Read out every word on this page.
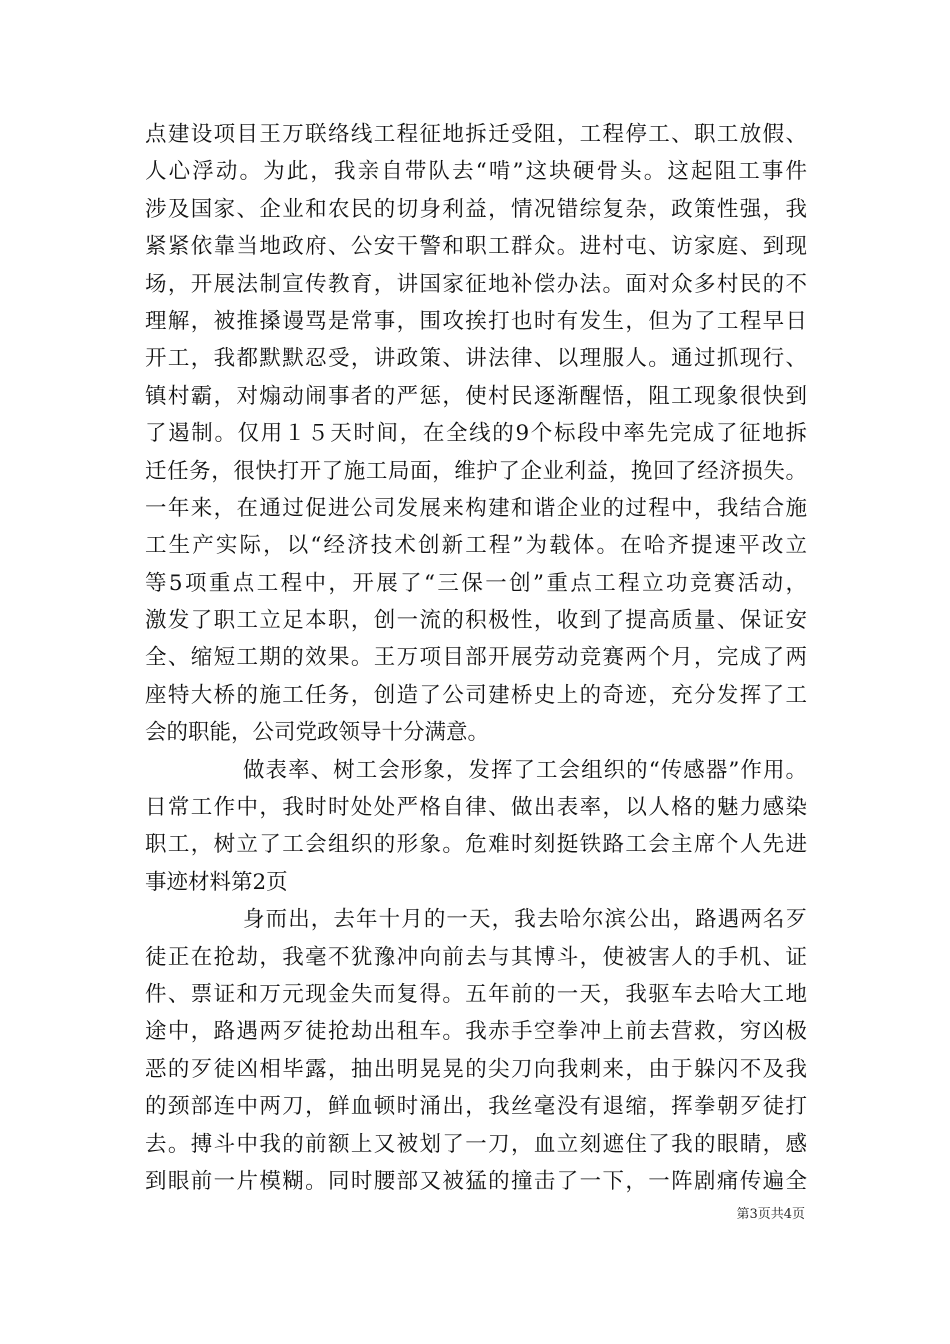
点建设项目王万联络线工程征地拆迁受阻，工程停工、职工放假、
人心浮动。为此，我亲自带队去“啃”这块硬骨头。这起阻工事件
涉及国家、企业和农民的切身利益，情况错综复杂，政策性强，我
紧紧依靠当地政府、公安干警和职工群众。进村屯、访家庭、到现
场，开展法制宣传教育，讲国家征地补偿办法。面对众多村民的不
理解，被推搡谩骂是常事，围攻挨打也时有发生，但为了工程早日
开工，我都默默忍受，讲政策、讲法律、以理服人。通过抓现行、
镇村霸，对煽动闹事者的严惩，使村民逐渐醒悟，阻工现象很快到
了遏制。仅用１５天时间，在全线的9个标段中率先完成了征地拆
迁任务，很快打开了施工局面，维护了企业利益，挽回了经济损失。
一年来，在通过促进公司发展来构建和谐企业的过程中，我结合施
工生产实际，以“经济技术创新工程”为载体。在哈齐提速平改立
等5项重点工程中，开展了“三保一创”重点工程立功竞赛活动，
激发了职工立足本职，创一流的积极性，收到了提高质量、保证安
全、缩短工期的效果。王万项目部开展劳动竞赛两个月，完成了两
座特大桥的施工任务，创造了公司建桥史上的奇迹，充分发挥了工
会的职能，公司党政领导十分满意。
做表率、树工会形象，发挥了工会组织的“传感器”作用。
日常工作中，我时时处处严格自律、做出表率，以人格的魅力感染
职工，树立了工会组织的形象。危难时刻挺铁路工会主席个人先进
事迹材料第2页
身而出，去年十月的一天，我去哈尔滨公出，路遇两名歹
徒正在抢劫，我毫不犹豫冲向前去与其博斗，使被害人的手机、证
件、票证和万元现金失而复得。五年前的一天，我驱车去哈大工地
途中，路遇两歹徒抢劫出租车。我赤手空拳冲上前去营救，穷凶极
恶的歹徒凶相毕露，抽出明晃晃的尖刀向我刺来，由于躲闪不及我
的颈部连中两刀，鲜血顿时涌出，我丝毫没有退缩，挥拳朝歹徒打
去。搏斗中我的前额上又被划了一刀，血立刻遮住了我的眼睛，感
到眼前一片模糊。同时腰部又被猛的撞击了一下，一阵剧痛传遍全
第3页共4页
